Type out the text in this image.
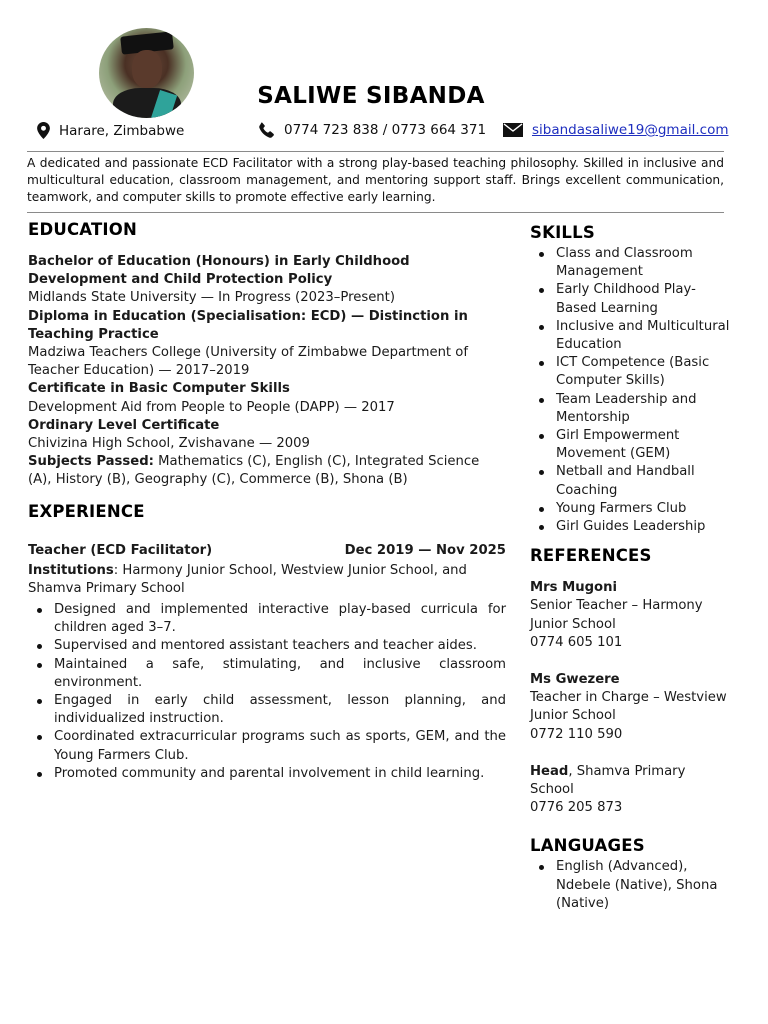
SALIWE SIBANDA
Harare, Zimbabwe	0774 723 838 / 0773 664 371	sibandasaliwe19@gmail.com
A dedicated and passionate ECD Facilitator with a strong play-based teaching philosophy. Skilled in inclusive and multicultural education, classroom management, and mentoring support staff. Brings excellent communication, teamwork, and computer skills to promote effective early learning.
EDUCATION
Bachelor of Education (Honours) in Early Childhood Development and Child Protection Policy
Midlands State University — In Progress (2023–Present)
Diploma in Education (Specialisation: ECD) — Distinction in Teaching Practice
Madziwa Teachers College (University of Zimbabwe Department of Teacher Education) — 2017–2019
Certificate in Basic Computer Skills
Development Aid from People to People (DAPP) — 2017
Ordinary Level Certificate
Chivizina High School, Zvishavane — 2009
Subjects Passed: Mathematics (C), English (C), Integrated Science (A), History (B), Geography (C), Commerce (B), Shona (B)
EXPERIENCE
Teacher (ECD Facilitator)	Dec 2019 — Nov 2025
Institutions: Harmony Junior School, Westview Junior School, and Shamva Primary School
Designed and implemented interactive play-based curricula for children aged 3–7.
Supervised and mentored assistant teachers and teacher aides.
Maintained a safe, stimulating, and inclusive classroom environment.
Engaged in early child assessment, lesson planning, and individualized instruction.
Coordinated extracurricular programs such as sports, GEM, and the Young Farmers Club.
Promoted community and parental involvement in child learning.
SKILLS
Class and Classroom Management
Early Childhood Play-Based Learning
Inclusive and Multicultural Education
ICT Competence (Basic Computer Skills)
Team Leadership and Mentorship
Girl Empowerment Movement (GEM)
Netball and Handball Coaching
Young Farmers Club
Girl Guides Leadership
REFERENCES
Mrs Mugoni
Senior Teacher – Harmony Junior School
0774 605 101
Ms Gwezere
Teacher in Charge – Westview Junior School
0772 110 590
Head, Shamva Primary School
0776 205 873
LANGUAGES
English (Advanced), Ndebele (Native), Shona (Native)
